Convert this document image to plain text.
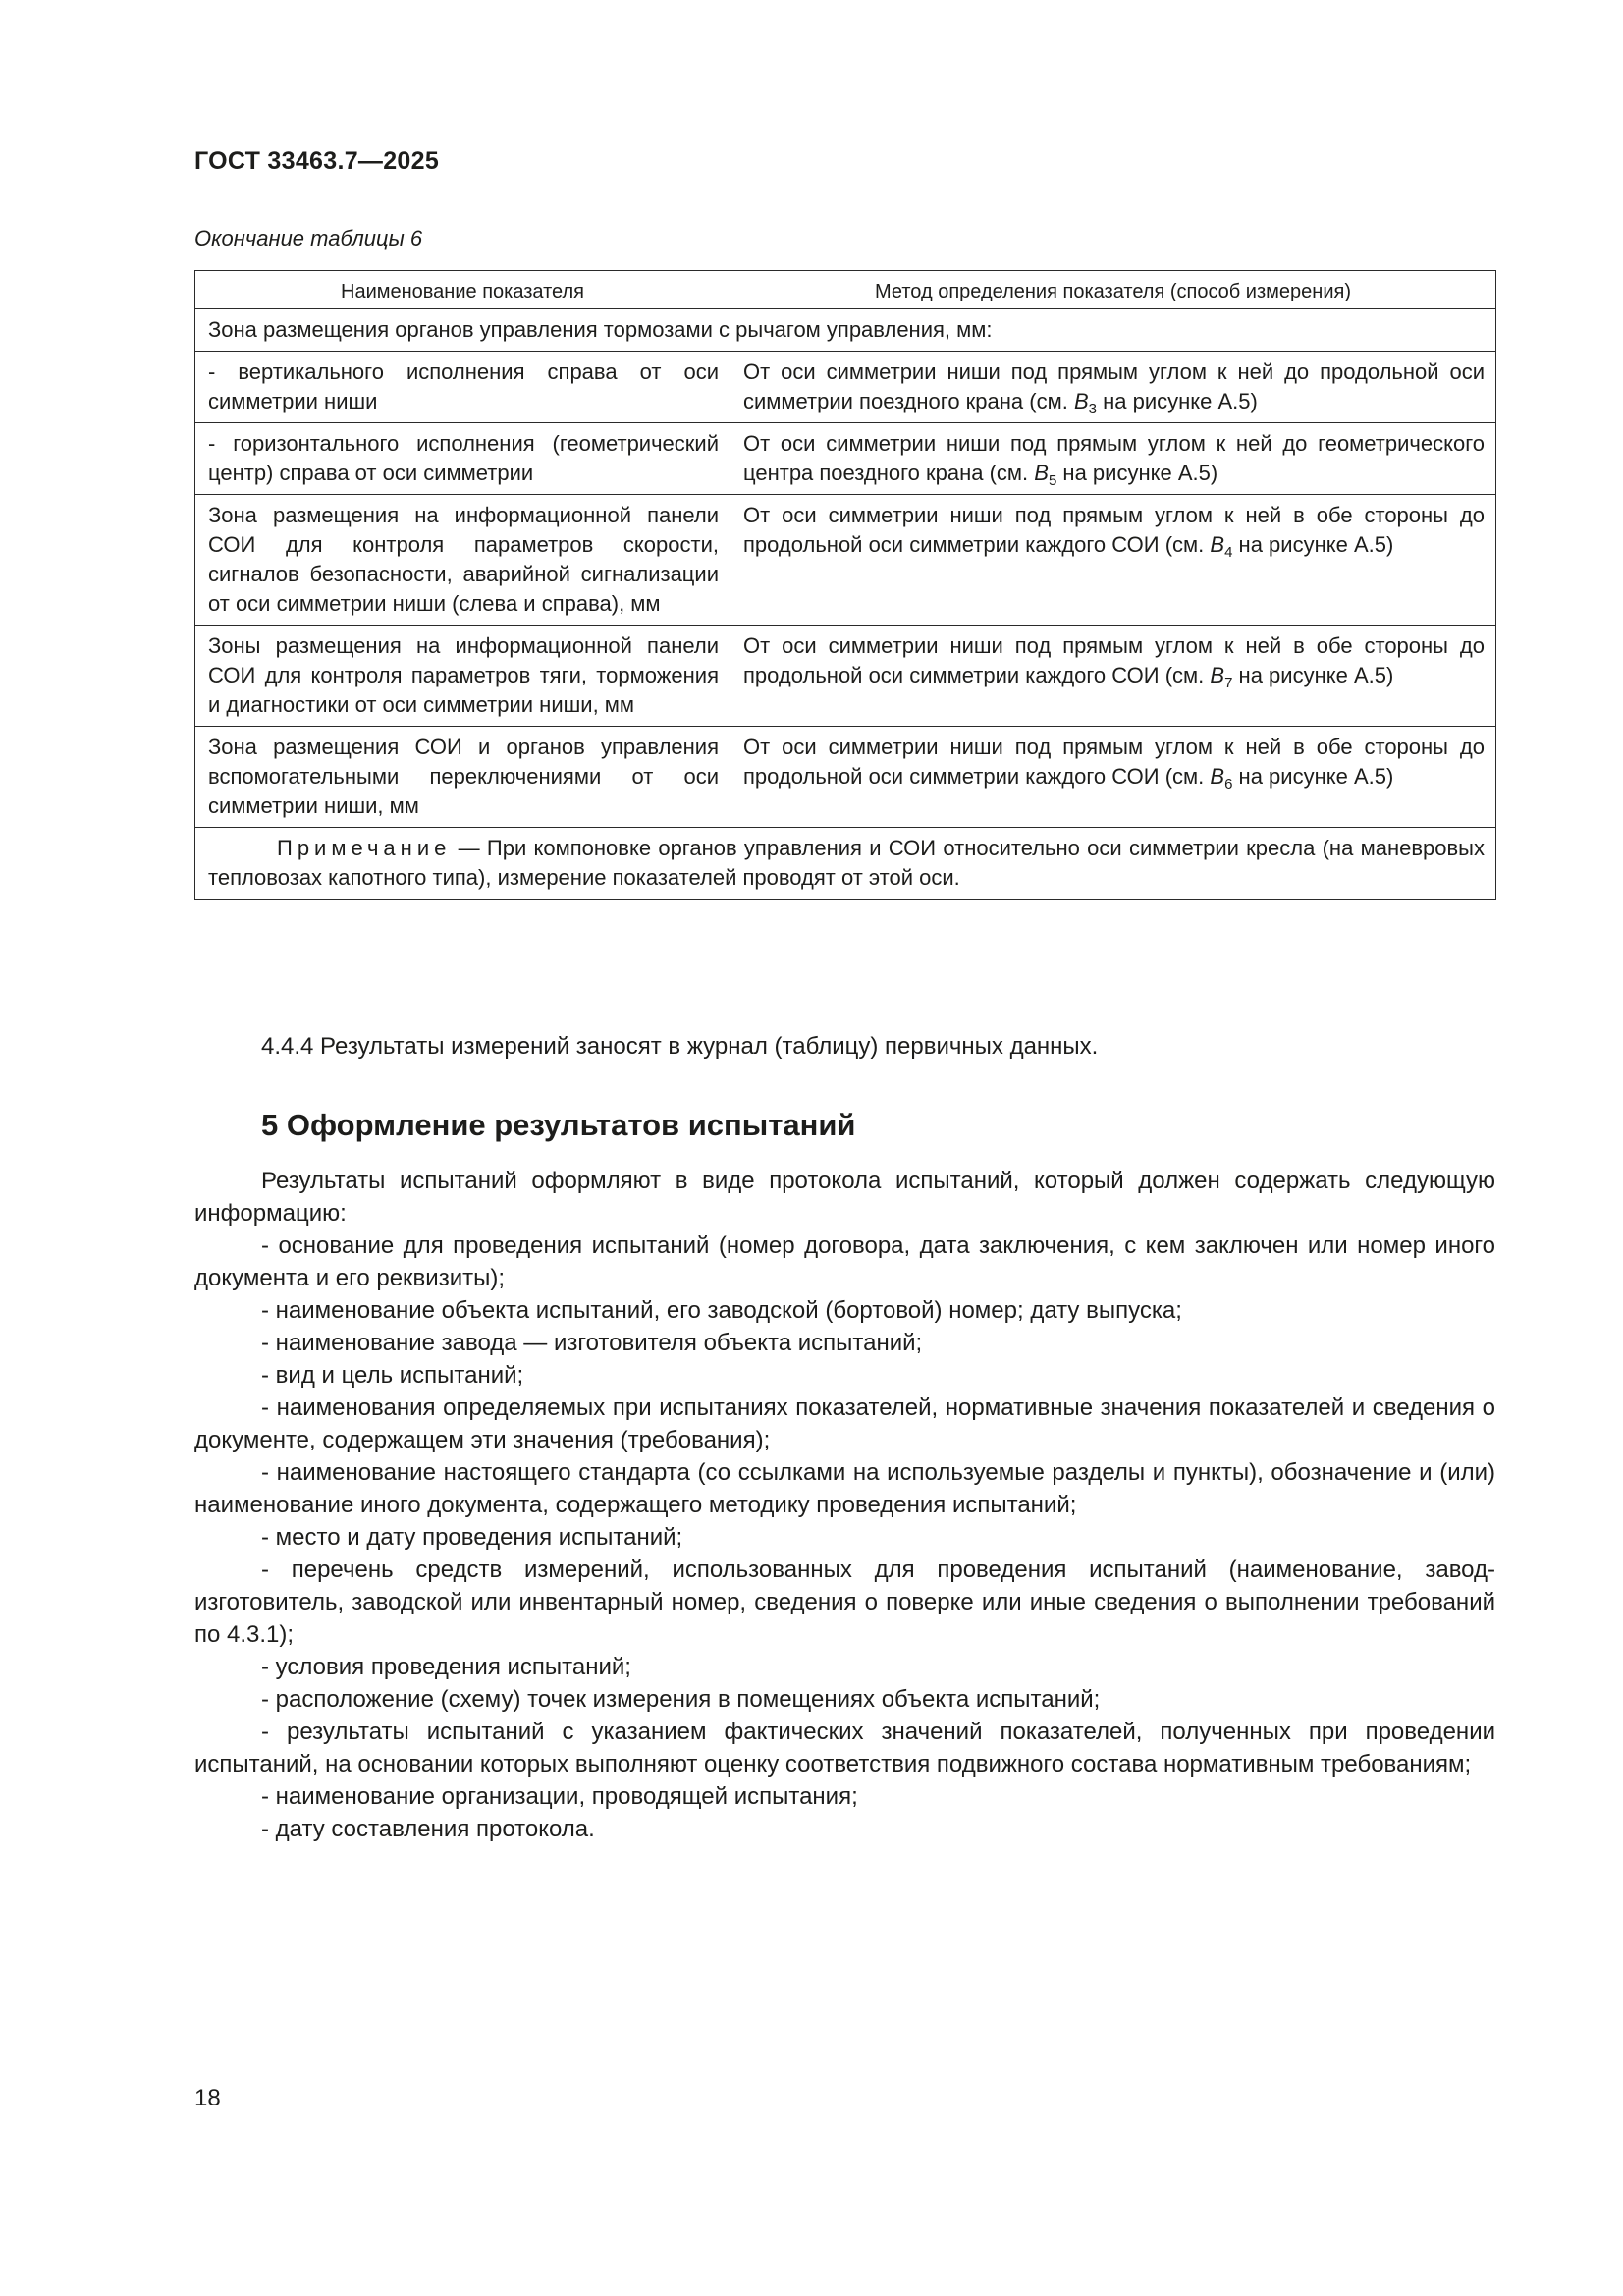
ГОСТ 33463.7—2025
Окончание таблицы 6
Наименование показателя	Метод определения показателя (способ измерения)
Зона размещения органов управления тормозами с рычагом управления, мм:	
- вертикального исполнения справа от оси симметрии ниши	От оси симметрии ниши под прямым углом к ней до продольной оси симметрии поездного крана (см. $B_3$ на рисунке А.5)
- горизонтального исполнения (геометрический центр) справа от оси симметрии	От оси симметрии ниши под прямым углом к ней до геометрического центра поездного крана (см. $B_5$ на рисунке А.5)
Зона размещения на информационной панели СОИ для контроля параметров скорости, сигналов безопасности, аварийной сигнализации от оси симметрии ниши (слева и справа), мм	От оси симметрии ниши под прямым углом к ней в обе стороны до продольной оси симметрии каждого СОИ (см. $B_4$ на рисунке А.5)
Зоны размещения на информационной панели СОИ для контроля параметров тяги, торможения и диагностики от оси симметрии ниши, мм	От оси симметрии ниши под прямым углом к ней в обе стороны до продольной оси симметрии каждого СОИ (см. $B_7$ на рисунке А.5)
Зона размещения СОИ и органов управления вспомогательными переключениями от оси симметрии ниши, мм	От оси симметрии ниши под прямым углом к ней в обе стороны до продольной оси симметрии каждого СОИ (см. $B_6$ на рисунке А.5)
Примечание — При компоновке органов управления и СОИ относительно оси симметрии кресла (на маневровых тепловозах капотного типа), измерение показателей проводят от этой оси.	
4.4.4 Результаты измерений заносят в журнал (таблицу) первичных данных.
5 Оформление результатов испытаний

Результаты испытаний оформляют в виде протокола испытаний, который должен содержать следующую информацию:

- основание для проведения испытаний (номер договора, дата заключения, с кем заключен или номер иного документа и его реквизиты);

- наименование объекта испытаний, его заводской (бортовой) номер; дату выпуска;

- наименование завода — изготовителя объекта испытаний;

- вид и цель испытаний;

- наименования определяемых при испытаниях показателей, нормативные значения показателей и сведения о документе, содержащем эти значения (требования);

- наименование настоящего стандарта (со ссылками на используемые разделы и пункты), обозначение и (или) наименование иного документа, содержащего методику проведения испытаний;

- место и дату проведения испытаний;

- перечень средств измерений, использованных для проведения испытаний (наименование, завод-изготовитель, заводской или инвентарный номер, сведения о поверке или иные сведения о выполнении требований по 4.3.1);

- условия проведения испытаний;

- расположение (схему) точек измерения в помещениях объекта испытаний;

- результаты испытаний с указанием фактических значений показателей, полученных при проведении испытаний, на основании которых выполняют оценку соответствия подвижного состава нормативным требованиям;

- наименование организации, проводящей испытания;

- дату составления протокола.

18
